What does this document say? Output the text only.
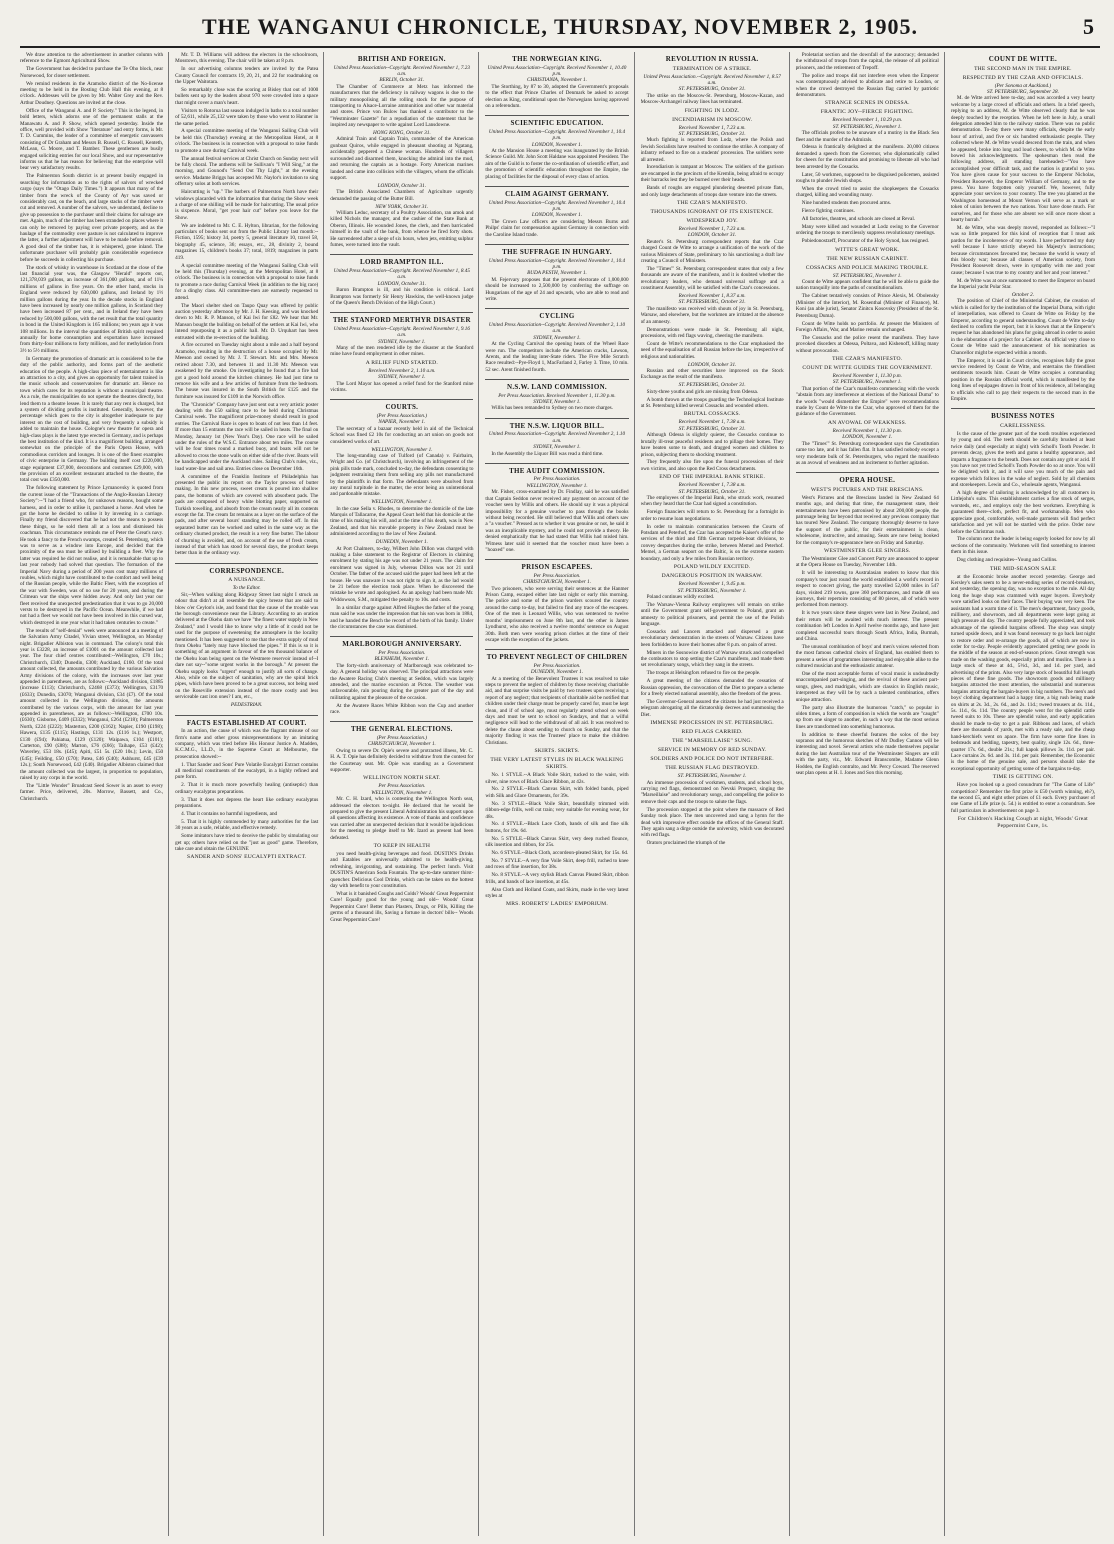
THE WANGANUI CHRONICLE, THURSDAY, NOVEMBER 2, 1905.	5

We draw attention to the advertisement in another column with reference to the Egmont Agricultural Show.

The Government has decided to purchase the Te Oho block, near Norsewood, for closer settlement.

We remind residents in the Aramoho district of the No-license meeting to be held in the Bosting Club Hall this evening, at 8 o'clock. Addresses will be given by Mr. Walter Grey and the Rev. Arthur Doudney. Questions are invited at the close.

Office of the Wanganui A. and P. Society." This is the legend, in bold letters, which adorns one of the permanent stalls at the Manawatu A. and P. Show, which opened yesterday. Inside the office, well provided with Show "literature" and entry forms, is Mr. T. D. Cummins, the leader of a committee of energetic canvassers consisting of Dr Graham and Messrs B. Russell, C. Russell, Kenteth, McLean, G. Moore, and T. Bamber. These gentlemen are busily engaged soliciting entries for our local Show, and our representative informs us that he has reason for believing that the enterprise will bear very satisfactory results.

The Palmerston South district is at present busily engaged in searching for information as to the rights of salvors of wrecked cargo (says the "Otago Daily Times.") It appears that many of the timber from the wreck of the County of Ayr was saved or considerably cast, on the beach, and large stacks of the timber were cut and removed. A number of the salvors, we understand, decline to give up possession to the purchaser until their claims for salvage are met. Again, much of the timber has been stranded on places where it can only be removed by paying over private property, and as the haulage of the commodity over pasture is not calculated to improve the latter, a further adjustment will have to be made before removal. A good deal of the timber has, it is whispered, gone inland. The unfortunate purchaser will probably gain considerable experience before he succeeds in collecting his purchase.

The stock of whisky in warehouse in Scotland at the close of the last financial year was, the Glasgow "Herald" reports out, 121,378,039 gallons, an increase of 361,000 gallons, and of 11¼ millions of gallons in five years. On the other hand, stocks in England were reduced by 630,000 gallons, and Ireland by 1½ million gallons during the year. In the decade stocks in England have been increased by nearly one million gallons, in Scotland they have been increased 87 per cent., and in Ireland they have been reduced by 500,000 gallons, with the net result that the total quantity in bond in the United Kingdom is 165 millions; ten years ago it was 108 millions. In the interval the quantities of British spirit required annually for home consumption and exportation have increased from thirty-four millions to forty millions, and for methylation from 3½ to 5½ millions.

In Germany the promotion of dramatic art is considered to be the duty of the public authority, and forms part of the aesthetic education of the people. A high-class piece of entertainment is like an attraction to a city, and gives an opportunity for talent trained in the music schools and conservatoires for dramatic art. Hence no town which cares for its reputation is without a municipal theatre. As a rule, the municipalities do not operate the theatres directly, but lend them to a theatre lessee. It is rarely that any rent is charged, but a system of dividing profits is instituted. Generally, however, the percentage which goes to the city is altogether inadequate to pay interest on the cost of building, and very frequently a subsidy is added to maintain the house. Cologne's new theatre for opera and high-class plays is the latest type erected in Germany, and is perhaps the best institution of the kind. It is a magnificent building, arranged somewhat on the principle of the Paris Opera House, with commodious corridors and lounges. It is one of the finest examples of civic enterprise in Germany. The building itself cost £220,000, stage equipment £37,000, decorations and costumes £29,000, with the provision of an excellent restaurant attached to the theatre, the total cost was £350,000.

The following statement by Prince Lymanovsky is quoted from the current issue of the "Transactions of the Anglo-Russian Literary Society":--"I had a friend who, for unknown reasons, bought some harness, and in order to utilise it, purchased a horse. And when he got the horse he decided to utilise it by investing in a carriage. Finally my friend discovered that he had not the means to possess these things, so he sold them all at a loss and dismissed his coachman. This circumstance reminds me of Peter the Great's navy. He took a fancy to the French swamps, created St. Petersburg, which was to serve as a window into Europe, and decided that the proximity of the sea must be utilised by building a fleet. Why the latter was required he did not realise, and it is remarkable that up to last year nobody had solved that question. The formation of the Imperial Navy during a period of 200 years cost many millions of roubles, which might have contributed to the comfort and well being of the Russian people, while the Baltic Fleet, with the exception of the war with Sweden, was of no use for 20 years, and during the Crimean war the ships were hidden away. And only last year our fleet received the unexpected predestination that it was to go 20,000 versts to be destroyed in the Pacific Ocean. Meanwhile, if we had not had a fleet we would not have been involved in this cursed war, which destroyed in one year what it had taken centuries to create."

The results of "self-denial" week were announced at a meeting of the Salvation Army Citadel, Vivian street, Wellington, on Monday night. Brigadier Albiston was in command. The colony's total this year is £3228, an increase of £1001 on the amount collected last year. The four chief centres contributed:--Wellington, £70 10s.; Christchurch, £340; Dunedin, £300; Auckland, £160. Of the total amount collected, the amounts contributed by the various Salvation Army divisions of the colony, with the increases over last year appended in parentheses, are as follows:--Auckland division, £1885 (increase £113); Christchurch, £2468 (£373); Wellington, £3170 (£633); Dunedin, £3070; Wanganui division, £34 (£7). Of the total amount collected in the Wellington division, the amounts contributed by the various corps, with the amount for last year appended in parentheses, are as follows:--Wellington, £700 10s. (£630); Gisborne, £409 (£332); Wanganui, £264 (£218); Palmerston North, £224 (£222); Masterton, £200 (£162); Napier, £190 (£198); Hawera, £135 (£115); Hastings, £131 12s. (£116 1s.); Westport, £130 (£94); Pahiatua, £129 (£120); Waipawa, £104 (£101); Carterton, £90 (£88); Marton, £76 (£66); Taihape, £53 (£42); Waverley, £53 18s. (£45); Apiti, £51 5s. (£20 10s.); Levin, £50 (£45); Feilding, £50 (£70); Patea, £46 (£40); Ashhurst, £45 (£39 12s.); South Norsewood, £42 (£40). Brigadier Albiston claimed that the amount collected was the largest, in proportion to population, raised by any corps in the world.

The "Little Wonder" Broadcast Seed Sower is an asset to every farmer. Price, delivered, 20s. Morrow, Bassett, and Co., Christchurch.

Mr. T. D. Williams will address the electors in the schoolroom, Mosstown, this evening. The chair will be taken at 8 p.m.

In our advertising columns tenders are invited by the Patea County Council for contracts 19, 20, 21, and 22 for roadmaking on the Upper Waitotara.

So remarkably close was the scoring at Bisley that out of 1000 bullets sent up by the leaders about 970 were crowded into a space that might cover a man's heart.

Visitors to Rotorua last season indulged in baths to a total number of 52,611, while 25,132 were taken by those who went to Hanmer in the same period.

A special committee meeting of the Wanganui Sailing Club will be held this (Thursday) evening at the Metropolitan Hotel, at 8 o'clock. The business is in connection with a proposal to raise funds to promote a race during Carnival week.

The annual festival services at Christ Church on Sunday next will be fully choral. The anthems will be Sullivan's "I Will Sing," at the morning, and Gounod's "Send Out Thy Light," at the evening service. Madame Briggs has accepted Mr. Naylor's invitation to sing offertory solos at both services.

Haircutting is "up." The barbers of Palmerston North have their windows placarded with the information that during the Show week a charge of one shilling will be made for haircutting. The usual price is sixpence. Moral, "get your hair cut" before you leave for the Show.

We are indebted to Mr. C. E. Hylton, librarian, for the following particulars of books sent out from the Public Library last month:--Fiction, 1595; history 34, poetry 5, general literature 10, travel 58, biography 45, science, 36; essays, etc., 28, divinity 2, bound magazines 15, children's books 37; total, 1819; magazines in parts 419.

A special committee meeting of the Wanganui Sailing Club will be held this (Thursday) evening, at the Metropolitan Hotel, at 8 o'clock. The business is in connection with a proposal to raise funds to promote a race during Carnival Week (in addition to the big race) for a dinghy class. All committee-men are earnestly requested to attend.

The Maori shelter shed on Taupo Quay was offered by public auction yesterday afternoon by Mr. J. H. Keesing, and was knocked down to Mr. R. P. Manson, of Kai Iwi for £82. We hear that Mr. Manson bought the building on behalf of the settlers at Kai Iwi, who intend repurposing it as a public hall. Mr. D. Urquhart has been entrusted with the re-erection of the building.

A fire occurred on Tuesday night about a mile and a half beyond Aramoho, resulting in the destruction of a house occupied by Mr. Meeson and owned by Mr. J. T. Stewart. Mr. and Mrs. Meeson retired about 7.30, and between 11 and 11.30 Mr. Meeson was awakened by the smoke. On investigating he found that a fire had got a good hold around the kitchen chimney. He had just time to remove his wife and a few articles of furniture from the bedroom. The house was insured in the South British for £125 and the furniture was insured for £109 in the Norwich office.

The "Chronicle" Company have just sent out a very artistic poster dealing with the £50 sailing race to be held during Christmas Carnival week. The magnificent prize-money should result in good entries. The Carnival Race is open to boats of not less than 14 feet. If more than 15 entrants the race will be sailed in heats. The final on Monday, January 1st (New Year's Day). One race will be sailed under the rules of the W.S.C. Entrance about ten miles. The course will be four times round a marked buoy, and boats will not be allowed to cross the stone walls on either side of the river. Boats will be handicapped under the Auckland rules. Sailing Club's rules, viz., load water-line and sail area. Entries close on December 16th.

A committee of the Franklin Institute of Philadelphia has presented the public its report on the Taylor process of butter making. In this new process, sweet cream is poured into shallow pans, the bottoms of which are covered with absorbent pads. The pads are composed of heavy white blotting paper, supported on Turkish towelling, and absorb from the cream nearly all its contents except the fat. The cream fat remains as a layer on the surface of the pads, and after several hours' standing may be rolled off. In this separated butter can be worked and salted in the same way as the ordinary churned product, the result is a very fine butter. The labour of churning is avoided, and, on account of the use of fresh cream, instead of that which has stood for several days, the product keeps better than in the ordinary way.

CORRESPONDENCE.
A NUISANCE.
To the Editor.

Sir,--When walking along Ridgway Street last night I struck an odour that didn't at all resemble the spicy breeze that are said to blow o'er Ceylon's isle, and found that the cause of the trouble was the borough convenience near the Library. According to an oration delivered at the Okehu dam we have "the finest water supply in New Zealand," and I would like to know why a little of it could not be used for the purpose of sweetening the atmosphere in the locality mentioned. It has been suggested to me that the extra supply of mud from Okehu "lately may have blocked the pipes." If this is so it is something of an argument in favour of the ten thousand balance of the Okehu loan being spent on the Westmere reservoir instead of--I dare not say--"some urgent works in the borough." At present the Okehu supply looks "urgent" enough to justify all sorts of change. Also, while on the subject of sanitation, why are the spiral brick pipes, which have been proved to be a great success, not being used on the Roseville extension instead of the more costly and less serviceable cast iron ones? I am, etc.,

PEDESTRIAN.
FACTS ESTABLISHED AT COURT.

In an action, the cause of which was the flagrant misuse of our firm's name and other gross misrepresentations by an imitating company, which was tried before His Honour Justice A. Madden, K.C.M.G., LL.D., in the Supreme Court at Melbourne, the prosecution showed:--

1. That Sander and Sons' Pure Volatile Eucalypti Extract contains all medicinal constituents of the eucalypti, in a highly refined and pure form.

2. That it is much more powerfully healing (antiseptic) than ordinary eucalyptus preparations.

3. That it does not depress the heart like ordinary eucalyptus preparations.

4. That it contains no harmful ingredients, and

5. That it is highly commended by many authorities for the last 30 years as a safe, reliable, and effective remedy.

Some imitators have tried to deceive the public by simulating our get up; others have relied on the "just as good" game. Therefore, take care and obtain the GENUINE

SANDER AND SONS' EUCALYPTI EXTRACT.
BRITISH AND FOREIGN.
United Press Association--Copyright. Received November 1, 7.23 a.m.
BERLIN, October 31.

The Chamber of Commerce at Metz has informed the manufacturers that the deficiency in railway wagons is due to the military monopolising all the rolling stock for the purpose of transporting to Alsace-Lorraine ammunition and other war material and stores. Prince von Bulow has thanked a contributor to the "Westminster Gazette" for a repudiation of the statement that he inspired any newspaper to write against Lord Lansdowne.

HONG KONG, October 31.

Admiral Train and Captain Train, commander of the American gunboat Quiros, while engaged in pheasant shooting at Ngatang, accidentally peppered a Chinese woman. Hundreds of villagers surrounded and disarmed them, knocking the admiral into the mud, and returning the captain as a hostage. Forty American marines landed and came into collision with the villagers, whom the officials support.

LONDON, October 31.

The British Associated Chambers of Agriculture urgently demanded the passing of the Butter Bill.

NEW YORK, October 31.

William Leduc, secretary of a Poultry Association, ran amok and killed Nichols the manager, and the cashier of the State Bank at Oberon, Illinois. He wounded Jones, the clerk, and then barricaded himself in the vault of the bank, from whence he fired forty shots. He surrendered after a siege of six hours, when jets, emitting sulphur fumes, were turned into the vault.

LORD BRAMPTON ILL.
United Press Association--Copyright. Received November 1, 8.45 a.m.
LONDON, October 31.

Baron Brampton is ill, and his condition is critical. Lord Brampton was formerly Sir Henry Hawkins, the well-known judge of the Queen's Bench Division of the High Court.)

THE STANFORD MERTHYR DISASTER
United Press Association--Copyright. Received November 1, 9.16 a.m.
SYDNEY, November 1.

Many of the men rendered idle by the disaster at the Stanford mine have found employment in other mines.

A RELIEF FUND STARTED.
Received November 2, 1.10 a.m.
SYDNEY, November 1.

The Lord Mayor has opened a relief fund for the Stanford mine victims.

COURTS.
(Per Press Association.)
NAPIER, November 1.

The secretary of a bazaar recently held in aid of the Technical School was fined £2 10s for conducting an art union on goods not considered works of art.

WELLINGTON, November 1.

The long-standing case of Tulford (of Canada) v. Fairbairn, Wright and Co. (of Christchurch), involving an infringement of the pink pills trade mark, concluded to-day, the defendants consenting to judgment restraining them from selling any pills not manufactured by the plaintiffs in that form. The defendants were absolved from any moral turpitude in the matter, the error being an unintentional and pardonable mistake.

WELLINGTON, November 1.

In the case Sella v. Rhodes, to determine the domicile of the late Marquis of Tallacarne, the Appeal Court held that his domicile at the time of his making his will, and at the time of his death, was in New Zealand, and that his movable property in New Zealand must be administered according to the law of New Zealand.

DUNEDIN, November 1.

At Port Chalmers, to-day, Wilbert John Dillon was charged with making a false statement to the Registrar of Electors in claiming enrolment by stating his age was not under 21 years. The claim for enrolment was signed in July, whereas Dillon was not 21 until October. The father of the accused said the paper had been left at the house. He was unaware it was not right to sign it, as the lad would be 21 before the election took place. When he discovered the mistake he wrote and apologised. As an apology had been made Mr. Widdowson, S.M., mitigated the penalty to 10s. and costs.

In a similar charge against Alfred Hughes the father of the young man said he was under the impression that his son was born in 1884, and he handed the Bench the record of the birth of his family. Under the circumstances the case was dismissed.

MARLBOROUGH ANNIVERSARY.
Per Press Association.
BLENHEIM, November 1.

The forty-sixth anniversary of Marlborough was celebrated to-day. A general holiday was observed. The principal attractions were the Awatere Racing Club's meeting at Seddon, which was largely attended, and the marine excursion at Picton. The weather was unfavourable, rain pouring during the greater part of the day and militating against the pleasure of the occasion.

At the Awatere Races White Ribbon won the Cup and another race.

THE GENERAL ELECTIONS.
(Per Press Association.)
CHRISTCHURCH, November 1.

Owing to severe Dr. Opie's severe and protracted illness, Mr. C. H. A. T. Opie has definitely decided to withdraw from the contest for the Courtenay seat. Mr. Opie was standing as a Government supporter.

WELLINGTON NORTH SEAT.
Per Press Association.
WELLINGTON, November 1.

Mr. C. H. Izard, who is contesting the Wellington North seat, addressed the electors to-night. He declared that he would be prepared to give the present Liberal Administration his support upon all questions affecting its existence. A vote of thanks and confidence was carried after an unexpected decision that it would be injudicious for the meeting to pledge itself to Mr. Izard as present had been defeated.

TO KEEP IN HEALTH

you need health-giving beverages and food. DUSTIN'S Drinks and Eatables are universally admitted to be health-giving, refreshing, invigorating, and sustaining. The perfect lunch. Visit DUSTIN'S American Soda Fountain. The up-to-date summer thirst-quencher. Delicious Cool Drinks, which can be taken on the hottest day with benefit to your constitution.

What is it banished Coughs and Colds? Woods' Great Peppermint Cure! Equally good for the young and old-- Woods' Great Peppermint Cure! Better than Plasters, Drugs, or Pills, Killing the germs of a thousand ills, Saving a fortune in doctors' bills-- Woods Great Peppermint Cure!

THE NORWEGIAN KING.
United Press Association--Copyright. Received November 1, 10.40 p.m.
CHRISTIANIA, November 1.

The Storthing, by 87 to 30, adopted the Government's proposals to the effect that Prince Charles of Denmark be asked to accept election as King, conditional upon the Norwegians having approved on a referendum.

SCIENTIFIC EDUCATION.
United Press Association--Copyright. Received November 1, 10.4 p.m.
LONDON, November 1.

At the Mansion House a meeting was inaugurated by the British Science Guild. Mr. John Scott Haldane was appointed President. The aim of the Guild is to foster the co-ordination of scientific effort, and the promotion of scientific education throughout the Empire, the placing of facilities for the disposal of every class of action.

CLAIM AGAINST GERMANY.
United Press Association--Copyright. Received November 1, 10.4 p.m.
LONDON, November 1.

The Crown Law officers are considering Messrs Burns and Philps' claim for compensation against Germany in connection with the Caroline Island trade.

THE SUFFRAGE IN HUNGARY.
United Press Association--Copyright. Received November 1, 10.4 p.m.
BUDA PESTH, November 1.

M. Fejervary proposes that the present electorate of 1,000,000 should be increased to 2,500,000 by conferring the suffrage on Hungarians of the age of 24 and upwards, who are able to read and write.

CYCLING
United Press Association--Copyright. Received November 2, 1.10 a.m.
SYDNEY, November 1.

At the Cycling Carnival the opening heats of the Wheel Race were run. The competitors include the American cracks, Lawson, Arents, and the leading inter-State riders. The Five Mile Scratch Race resulted:--Pye-Floyd 1, MacFarland 2, Farley 3. Time, 10 min. 52 sec. Arent finished fourth.

N.S.W. LAND COMMISSION.
Per Press Association. Received November 1, 11.30 p.m.
SYDNEY, November 1.

Willis has been remanded to Sydney on two more charges.

THE N.S.W. LIQUOR BILL.
United Press Association--Copyright. Received November 2, 1.10 a.m.
SYDNEY, November 1.

In the Assembly the Liquor Bill was read a third time.

THE AUDIT COMMISSION.
Per Press Association.
WELLINGTON, November 1.

Mr. Fisher, cross-examined by Dr. Findlay, said he was satisfied that Captain Seddon never received any payment on account of the voucher seen by Willis and others. He should say it was a physical impossibility for a genuine voucher to pass through the books without being recorded. He still believed that Willis and others saw a "a voucher." Pressed as to whether it was genuine or not, he said it was an inexplicable mystery, and he could not provide a theory. He denied emphatically that he had stated that Willis had misled him. Witness later said it seemed that the voucher must have been a "hoaxed" one.

PRISON ESCAPEES.
Per Press Association.
CHRISTCHURCH, November 1.

Two prisoners, who were serving their sentences at the Hanmer Prison Camp, escaped either late last night or early this morning. The police and some of the prison warders scoured the country around the camp to-day, but failed to find any trace of the escapees. One of the men is Leonard Willis, who was sentenced to twelve months' imprisonment on June 8th last, and the other is James Lyndhurst, who also received a twelve months' sentence on August 30th. Both men were wearing prison clothes at the time of their escape with the exception of the jackets.

TO PREVENT NEGLECT OF CHILDREN
Per Press Association.
DUNEDIN, November 1.

At a meeting of the Benevolent Trustees it was resolved to take steps to prevent the neglect of children by those receiving charitable aid, and that surprise visits be paid by two trustees upon receiving a report of any neglect; that recipients of charitable aid be notified that children under their charge must be properly cared for, must be kept clean, and if of school age, must regularly attend school on week days and must be sent to school on Sundays, and that a wilful negligence will lead to the withdrawal of all aid. It was resolved to delete the clause about sending to church on Sunday, and that the majority finding it was the Trustees' place to make the children Christians.

SKIRTS. SKIRTS.
THE VERY LATEST STYLES IN BLACK WALKING SKIRTS.

No. 1 STYLE.--A Black Voile Skirt, tucked to the waist, with silver, nine rows of Black Glace Ribbon, at 42s.

No. 2 STYLE.--Black Canvas Skirt, with folded bands, piped with Silk and Glace Ornaments, for 39s.

No. 3 STYLE.--Black Voile Skirt, beautifully trimmed with ribbon-edge frills, well cut train; very suitable for evening wear, for 48s.

No. 4 STYLE.--Black Lace Cloth, bands of silk and fine silk buttons, for 19s. 6d.

No. 5 STYLE.--Black Canvas Skirt, very deep ruched flounce, silk insertion and ribbon, for 25s.

No. 6 STYLE.--Black Cloth, accordeon-pleated Skirt, for 15s. 6d.

No. 7 STYLE.--A very fine Voile Skirt, deep frill, ruched to knee and rows of fine insertion, for 38s.

No. 8 STYLE.--A very stylish Black Canvas Pleated Skirt, ribbon frills, and bands of lace insertion, at 45s.

Also Cloth and Holland Coats, and Skirts, made in the very latest styles at

MRS. ROBERTS' LADIES' EMPORIUM.
REVOLUTION IN RUSSIA.
TERMINATION OF A STRIKE.
United Press Association.--Copyright. Received November 1, 8.57 a.m.
ST. PETERSBURG, October 31.

The strike on the Moscow-St. Petersburg, Moscow-Kazan, and Moscow-Archangel railway lines has terminated.

FIGHTING IN LODZ.
INCENDIARISM IN MOSCOW.
Received November 1, 7.23 a.m.
ST. PETERSBURG, October 31.

Much fighting is reported from Lodz, where the Polish and Jewish Socialists have resolved to continue the strike. A company of infantry refused to fire on a students' procession. The soldiers were all arrested.

Incendiarism is rampant at Moscow. The soldiers of the garrison are encamped in the precincts of the Kremlin, being afraid to occupy their barracks lest they be burned over their heads.

Bands of roughs are engaged plundering deserted private flats, and only large detachments of troops dare venture into the streets.

THE CZAR'S MANIFESTO.
THOUSANDS IGNORANT OF ITS EXISTENCE.
WIDESPREAD JOY.
Received November 1, 7.23 a.m.
LONDON, October 31.

Reuter's St. Petersburg correspondent reports that the Czar charged Count de Witte to arrange a unification of the work of the various Ministers of State, preliminary to his sanctioning a draft law creating a Council of Ministers.

The "Times'" St. Petersburg correspondent states that only a few thousands are aware of the manifesto, and it is doubted whether the revolutionary leaders, who demand universal suffrage and a constituent Assembly, will be satisfied with the Czar's concessions.

Received November 1, 8.37 a.m.
ST. PETERSBURG, October 31.

The manifesto was received with shouts of joy in St. Petersburg, Warsaw, and elsewhere, but the workmen are irritated at the absence of an amnesty.

Demonstrations were made in St. Petersburg all night, processions, with red flags waving, cheering the manifesto.

Count de Witte's recommendations to the Czar emphasised the need of the equalisation of all Russian before the law, irrespective of religious and nationalities.

LONDON, October 31.

Russian and other securities have improved on the Stock Exchange as the result of the manifesto.

ST. PETERSBURG, October 31.

Sixty-three youths and girls are missing from Odessa.

A bomb thrown at the troops guarding the Technological Institute at St. Petersburg killed several Cossacks and wounded others.

BRUTAL COSSACKS.
Received November 1, 7.38 a.m.
ST. PETERSBURG, October 31.

Although Odessa is slightly quieter, the Cossacks continue to brutally ill-treat peaceful residents and to pillage their homes. They have beaten some to death, and dragged women and children to prison, subjecting them to shocking treatment.

They frequently also fire upon the funeral processions of their own victims, and also upon the Red Cross detachments.

END OF THE IMPERIAL BANK STRIKE.
Received November 1, 7.38 a.m.
ST. PETERSBURG, October 31.

The employees of the Imperial Bank, who struck work, resumed when they heard that the Czar had signed a constitution.

Foreign financiers will return to St. Petersburg for a fortnight in order to resume loan negotiations.

In order to maintain communication between the Courts of Potsdam and Peterhof, the Czar has accepted the Kaiser's offer of the services of the third and fifth German torpedo-boat divisions, to convey despatches during the strike, between Memel and Peterhof. Memel, a German seaport on the Baltic, is on the extreme eastern boundary, and only a few miles from Russian territory.

POLAND WILDLY EXCITED.
DANGEROUS POSITION IN WARSAW.
Received November 1, 9.45 p.m.
ST. PETERSBURG, November 1.

Poland continues wildly excited.

The Warsaw-Vienna Railway employees will remain on strike until the Government grant self-government to Poland, grant an amnesty to political prisoners, and permit the use of the Polish language.

Cossacks and Lancers attacked and dispersed a great revolutionary demonstration in the streets of Warsaw. Citizens have been forbidden to leave their homes after 8 p.m. on pain of arrest.

Miners in the Sosnowice district of Warsaw struck and compelled the combustors to stop setting the Czar's manifesto, and made them set revolutionary songs, which they sang in the streets.

The troops at Helsingfors refused to fire on the people.

A great meeting of the citizens demanded the cessation of Russian oppression, the convocation of the Diet to prepare a scheme for a freely elected national assembly, also the freedom of the press.

The Governor-General assured the citizens he had just received a telegram abrogating all the dictatorship decrees and summoning the Diet.

IMMENSE PROCESSION IN ST. PETERSBURG.
RED FLAGS CARRIED.
THE "MARSEILLAISE" SUNG.
SERVICE IN MEMORY OF RED SUNDAY.
SOLDIERS AND POLICE DO NOT INTERFERE.
THE RUSSIAN FLAG DESTROYED.
ST. PETERSBURG, November 1.

An immense procession of workmen, students, and school boys, carrying red flags, demonstrated on Nevski Prospect, singing the "Marseillaise" and revolutionary songs, and compelling the police to remove their caps and the troops to salute the flags.

The procession stopped at the point where the massacre of Red Sunday took place. The men uncovered and sang a hymn for the dead with impressive effect outside the offices of the General Staff. They again sang a dirge outside the university, which was decorated with red flags.

Orators proclaimed the triumph of the

Proletariat section and the downfall of the autocracy; demanded the withdrawal of troops from the capital, the release of all political prisoners, and the retirement of Trepoff.

The police and troops did not interfere even when the Emperor was contemptuously advised to abdicate and retire to London, or when the crowd destroyed the Russian flag carried by patriotic demonstrators.

STRANGE SCENES IN ODESSA.
FRANTIC JOY--FIERCE FIGHTING.
Received November 1, 10.29 p.m.
ST. PETERSBURG, November 1.

The officials profess to be unaware of a mutiny in the Black Sea fleet and the murder of the Admirals.

Odessa is frantically delighted at the manifesto. 20,000 citizens demanded a speech from the Governor, who diplomatically called for cheers for the constitution and promising to liberate all who had been arrested by the Cossacks.

Later, 50 workmen, supposed to be disguised policemen, assisted roughs to plunder Jewish shops.

When the crowd tried to assist the shopkeepers the Cossacks charged, killing and wounding many.

Nine hundred students then procured arms.

Fierce fighting continues.

All factories, theatres, and schools are closed at Reval.

Many were killed and wounded at Lodz owing to the Governor ordering the troops to mercilessly suppress revolutionary meetings.

Pobiedonostzeff, Procurator of the Holy Synod, has resigned.

WITTE'S GREAT WORK.
THE NEW RUSSIAN CABINET.
COSSACKS AND POLICE MAKING TROUBLE.
ST. PETERSBURG, November 1.

Count de Witte appears confident that he will be able to guide the nation tranquilly into the paths of constitutionalism.

The Cabinet tentatively consists of Prince Alexis, M. Obolensky (Minister of the Interior), M. Rosenthal (Minister of Finance), M. Koni (an able jurist), Senator Zinitcu Kosovsky (President of the St. Petersburg Duma).

Count de Witte holds no portfolio. At present the Ministers of Foreign Affairs, War, and Marine remain unchanged.

The Cossacks and the police resent the manifesto. They have provoked disorders at Odessa, Poltava, and Kishenoff, killing many without provocation.

THE CZAR'S MANIFESTO.
COUNT DE WITTE GUIDES THE GOVERNMENT.
Received November 1, 11.30 p.m.
ST. PETERSBURG, November 1.

That portion of the Czar's manifesto commencing with the words "abstain from any interference at elections of the National Duma" to the words "would dismember the Empire" were recommendations made by Count de Witte to the Czar, who approved of them for the guidance of the Government.

AN AVOWAL OF WEAKNESS.
Received November 1, 11.30 p.m.
LONDON, November 1.

The "Times'" St. Petersburg correspondent says the Constitution came too late, and it has fallen flat. It has satisfied nobody except a very moderate bulk of St. Petersburgers, who regard the manifesto as an avowal of weakness and an incitement to further agitation.

OPERA HOUSE.
WEST'S PICTURES AND THE BRESCIANS.

West's Pictures and the Brescians landed in New Zealand 64 months ago, and during that time, the management state, their entertainments have been patronised by about 200,000 people, the patronage being far beyond that received any previous company that has toured New Zealand. The company thoroughly deserve to have the support of the public, for their entertainment is clean, wholesome, instructive, and amusing. Seats are now being booked for the company's re-appearance here on Friday and Saturday.

WESTMINSTER GLEE SINGERS.

The Westminster Glee and Concert Party are announced to appear at the Opera House on Tuesday, November 14th.

It will be interesting to Australasian readers to know that this company's tour just round the world established a world's record in respect to concert giving, the party travelled 52,000 miles in 547 days, visited 219 towns, gave 360 performances, and made 48 sea journeys, their repertoire consisting of 80 pieces, all of which were performed from memory.

It is two years since these singers were last in New Zealand, and their return will be awaited with much interest. The present combination left London in April twelve months ago, and have just completed successful tours through South Africa, India, Burmah, and China.

The unusual combination of boys' and men's voices selected from the most famous cathedral choirs of England, has enabled them to present a series of programmes interesting and enjoyable alike to the cultured musician and the enthusiastic amateur.

One of the most acceptable forms of vocal music is undoubtedly unaccompanied part-singing, and the revival of these ancient part-songs, glees, and madrigals, which are classics in English music, interpreted as they will be by such a talented combination, offers unique attraction.

The party also illustrate the humorous "catch," so popular in olden times, a form of composition in which the words are "caught" up from one singer to another, in such a way that the most serious lines are transformed into something humorous.

In addition to these cheerful features the solos of the boy sopranos and the humorous sketches of Mr Dudley Cannon will be interesting and novel. Several artists who made themselves popular during the last Australian tour of the Westminster Singers are still with the party, viz., Mr. Edward Branscombe, Madame Glenn Hodden, the English contralto, and Mr. Percy Coward. The reserved seat plan opens at H. I. Jones and Son this morning.

COUNT DE WITTE.
THE SECOND MAN IN THE EMPIRE.
RESPECTED BY THE CZAR AND OFFICIALS.
(Per Sonoma at Auckland.)
ST. PETERSBURG, September 28.

M. de Witte arrived here to-day, and was accorded a very hearty welcome by a large crowd of officials and others. In a brief speech, replying to an address, M. de Witte observed clearly that he was deeply touched by the reception. When he left here in July, a small delegation attended him to the railway station. There was no public demonstration. To-day there were many officials, despite the early hour of arrival, and five or six hundred enthusiastic people. They collected where M. de Witte would descend from the train, and when he appeared, broke into long and loud cheers, to which M. de Witte bowed his acknowledgments. The spokesman then read the following address, all standing bareheaded:--"You have accomplished your difficult task, and the nation is grateful to you. You have given cause for your success to the Emperor Nicholas, President Roosevelt, the Emperor William of Germany, and to the press. You have forgotten only yourself. We, however, fully appreciate your services to your country. The tree you planted at the Washington homestead at Mount Vernon will serve as a mark or token of union between the two nations. Your have done much. For ourselves, and for those who are absent we will once more shout a hearty hurrah."

M. de Witte, who was deeply moved, responded as follows:--"I was so little prepared for this kind of reception that I must ask pardon for the incoherence of my words. I have performed my duty well because I have strictly obeyed his Majesty's instructions; because circumstances favoured me; because the world is weary of this bloody war; because all classes of American society, from President Roosevelt down, were in sympathy with me and your cause; because I was true to my country and her and your interest."

M. de Witte was at once summoned to meet the Emperor on board the Imperial yacht Polar Star.

October 2.

The position of Chief of the Ministerial Cabinet, the creation of which is called for by the institution of the Imperial Duma, with right of interpellation, was offered to Count de Witte on Friday by the Emperor, according to general understanding. Count de Witte to-day declined to confirm the report, but it is known that at the Emperor's request he has abandoned his plans for going abroad in order to assist in the elaboration of a project for a Cabinet. An official very close to Count de Witte said the announcement of his nomination as Chancellor might be expected within a month.

The Emperor, it is said in Court circles, recognises fully the great service rendered by Count de Witte, and entertains the friendliest sentiments towards him. Count de Witte occupies a commanding position in the Russian official world, which is manifested by the long lines of equipages drawn in front of his residence, all belonging to officials who call to pay their respects to the second man in the Empire.

BUSINESS NOTES
CARELESSNESS.

Is the cause of the greater part of the tooth troubles experienced by young and old. The teeth should be carefully brushed at least twice daily (and especially at night) with Scholl's Tooth Powder. It prevents decay, gives the teeth and gums a healthy appearance, and imparts a fragrance to the breath. Does not contain any grit or acid. If you have not yet tried Scholl's Tooth Powder do so at once. You will be delighted with it, and it will save you much of the pain and expense which follows in the wake of neglect. Sold by all chemists and storekeepers. Lewin and Co., wholesale agents, Wanganui.

A high degree of tailoring is acknowledged by all customers in Littlejohn's suits. This establishment carries a fine stock of serges, worsteds, etc., and employs only the best workmen. Everything is guaranteed there--cloth, perfect fit, and workmanship. Men who appreciate good, comfortable, well-made garments will find perfect satisfaction and yet will not be startled with the price. Order now before the Christmas rush.

The column next the leader is being eagerly looked for now by all sections of the community. Workmen will find something to interest them in this issue.

Dog clothing and requisites--Young and Collins.

THE MID-SEASON SALE

at the Economic broke another record yesterday. George and Kersley's sales seem to be a never-ending series of record-breakers, and yesterday, the opening day, was no exception to the rule. All day long the huge shop was crammed with eager buyers. Everybody wore satisfied looks on their faces. Their buying was very keen. The assistants had a warm time of it. The men's department, fancy goods, millinery, and showroom, and all departments were kept going at high pressure all day. The country people fully appreciated, and took advantage of the splendid bargains offered. The shop was simply turned upside down, and it was found necessary to go back last night to restore order and re-arrange the goods, all of which are now in order for to-day. People evidently appreciated getting new goods in the middle of the season at end-of-season prices. Great strength was made on the washing goods, especially prints and muslins. There is a large stock of these at 4d., 5½d., 3d., and 1d. per yard, and advertising of the prints. Also very large stock of beautiful full length pieces of these fine goods. The showroom goods and millinery bargains attracted the most attention, the substantial and numerous bargains attracting the bargain-buyers in big numbers. The men's and boys' clothing department had a happy time, a big rush being made on shirts at 2s. 3d., 2s. 6d., and 2s. 11d.; tweed trousers at 4s. 11d., 5s. 11d., 6s. 11d. The country people went for the splendid cattle tweed suits to 10s. These are splendid value, and early application should be made to-day to get a pair. Ribbons and laces, of which there are thousands of yards, met with a ready sale, and the cheap hand-kerchiefs went on apace. The firm have some fine lines in bedsteads and bedding, tapestry, best quality, single 12s. 6d., three-quarter 17s. 6d., double 21s.; full kapok pillows 3s. 11d. per pair. Lace curtains 2s. 6d. and 3s. 11d. per pair. Remember, the Economic is the home of the genuine sale, and persons should take the exceptional opportunity of getting some of the bargains to-day.

TIME IS GETTING ON.

Have you looked up a good conundrum for "The Game of Life" competition? Remember the first prize is £50 (worth winning, eh?), the second £5, and eight other prizes of £1 each. Every purchaser of one Game of Life prize (s. 5d.) is entitled to enter a conundrum. See full particulars in advertisement on page 3.

For Children's Hacking Cough at night, Woods' Great Peppermint Cure, 1s.
